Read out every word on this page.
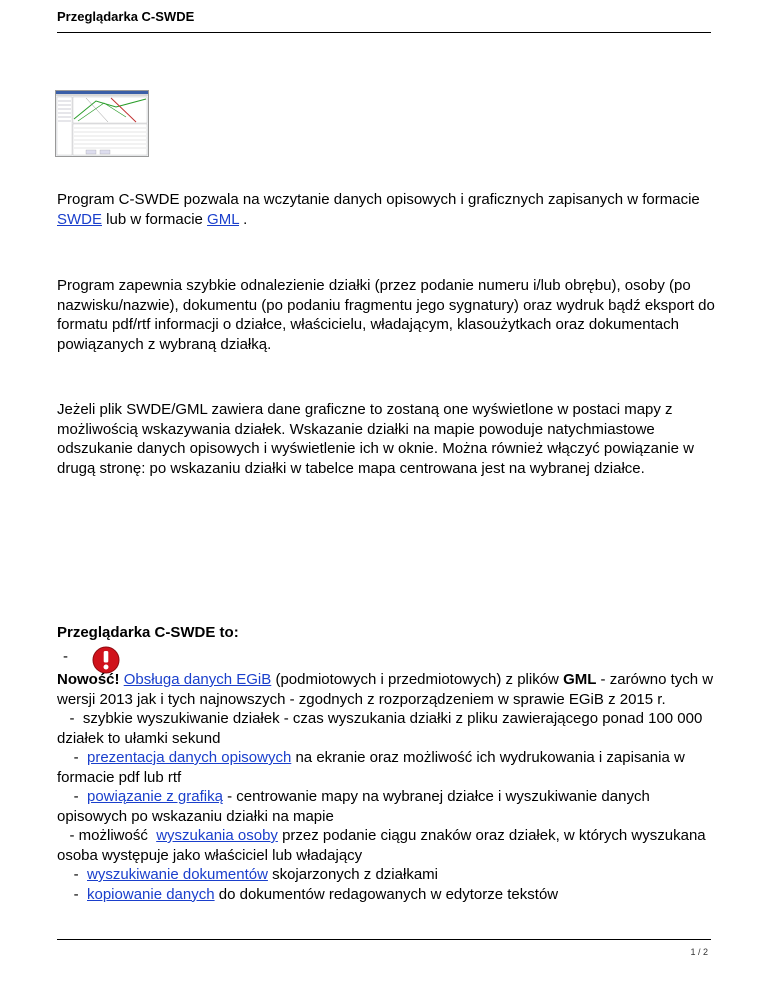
Przeglądarka C-SWDE

Program C-SWDE pozwala na wczytanie danych opisowych i graficznych zapisanych w formacie SWDE lub w formacie GML .

Program zapewnia szybkie odnalezienie działki (przez podanie numeru i/lub obrębu), osoby (po nazwisku/nazwie), dokumentu (po podaniu fragmentu jego sygnatury) oraz wydruk bądź eksport do formatu pdf/rtf informacji o działce, właścicielu, władającym, klasoużytkach oraz dokumentach powiązanych z wybraną działką.

Jeżeli plik SWDE/GML zawiera dane graficzne to zostaną one wyświetlone w postaci mapy z możliwością wskazywania działek. Wskazanie działki na mapie powoduje natychmiastowe odszukanie danych opisowych i wyświetlenie ich w oknie. Można również włączyć powiązanie w drugą stronę: po wskazaniu działki w tabelce mapa centrowana jest na wybranej działce.

Przeglądarka C-SWDE to:
-

Nowość! Obsługa danych EGiB (podmiotowych i przedmiotowych) z plików GML - zarówno tych w wersji 2013 jak i tych najnowszych - zgodnych z rozporządzeniem w sprawie EGiB z 2015 r.

-  szybkie wyszukiwanie działek - czas wyszukania działki z pliku zawierającego ponad 100 000 działek to ułamki sekund

-  prezentacja danych opisowych na ekranie oraz możliwość ich wydrukowania i zapisania w formacie pdf lub rtf

-  powiązanie z grafiką - centrowanie mapy na wybranej działce i wyszukiwanie danych opisowych po wskazaniu działki na mapie

- możliwość  wyszukania osoby przez podanie ciągu znaków oraz działek, w których wyszukana osoba występuje jako właściciel lub władający

-  wyszukiwanie dokumentów skojarzonych z działkami

-  kopiowanie danych do dokumentów redagowanych w edytorze tekstów

1 / 2
